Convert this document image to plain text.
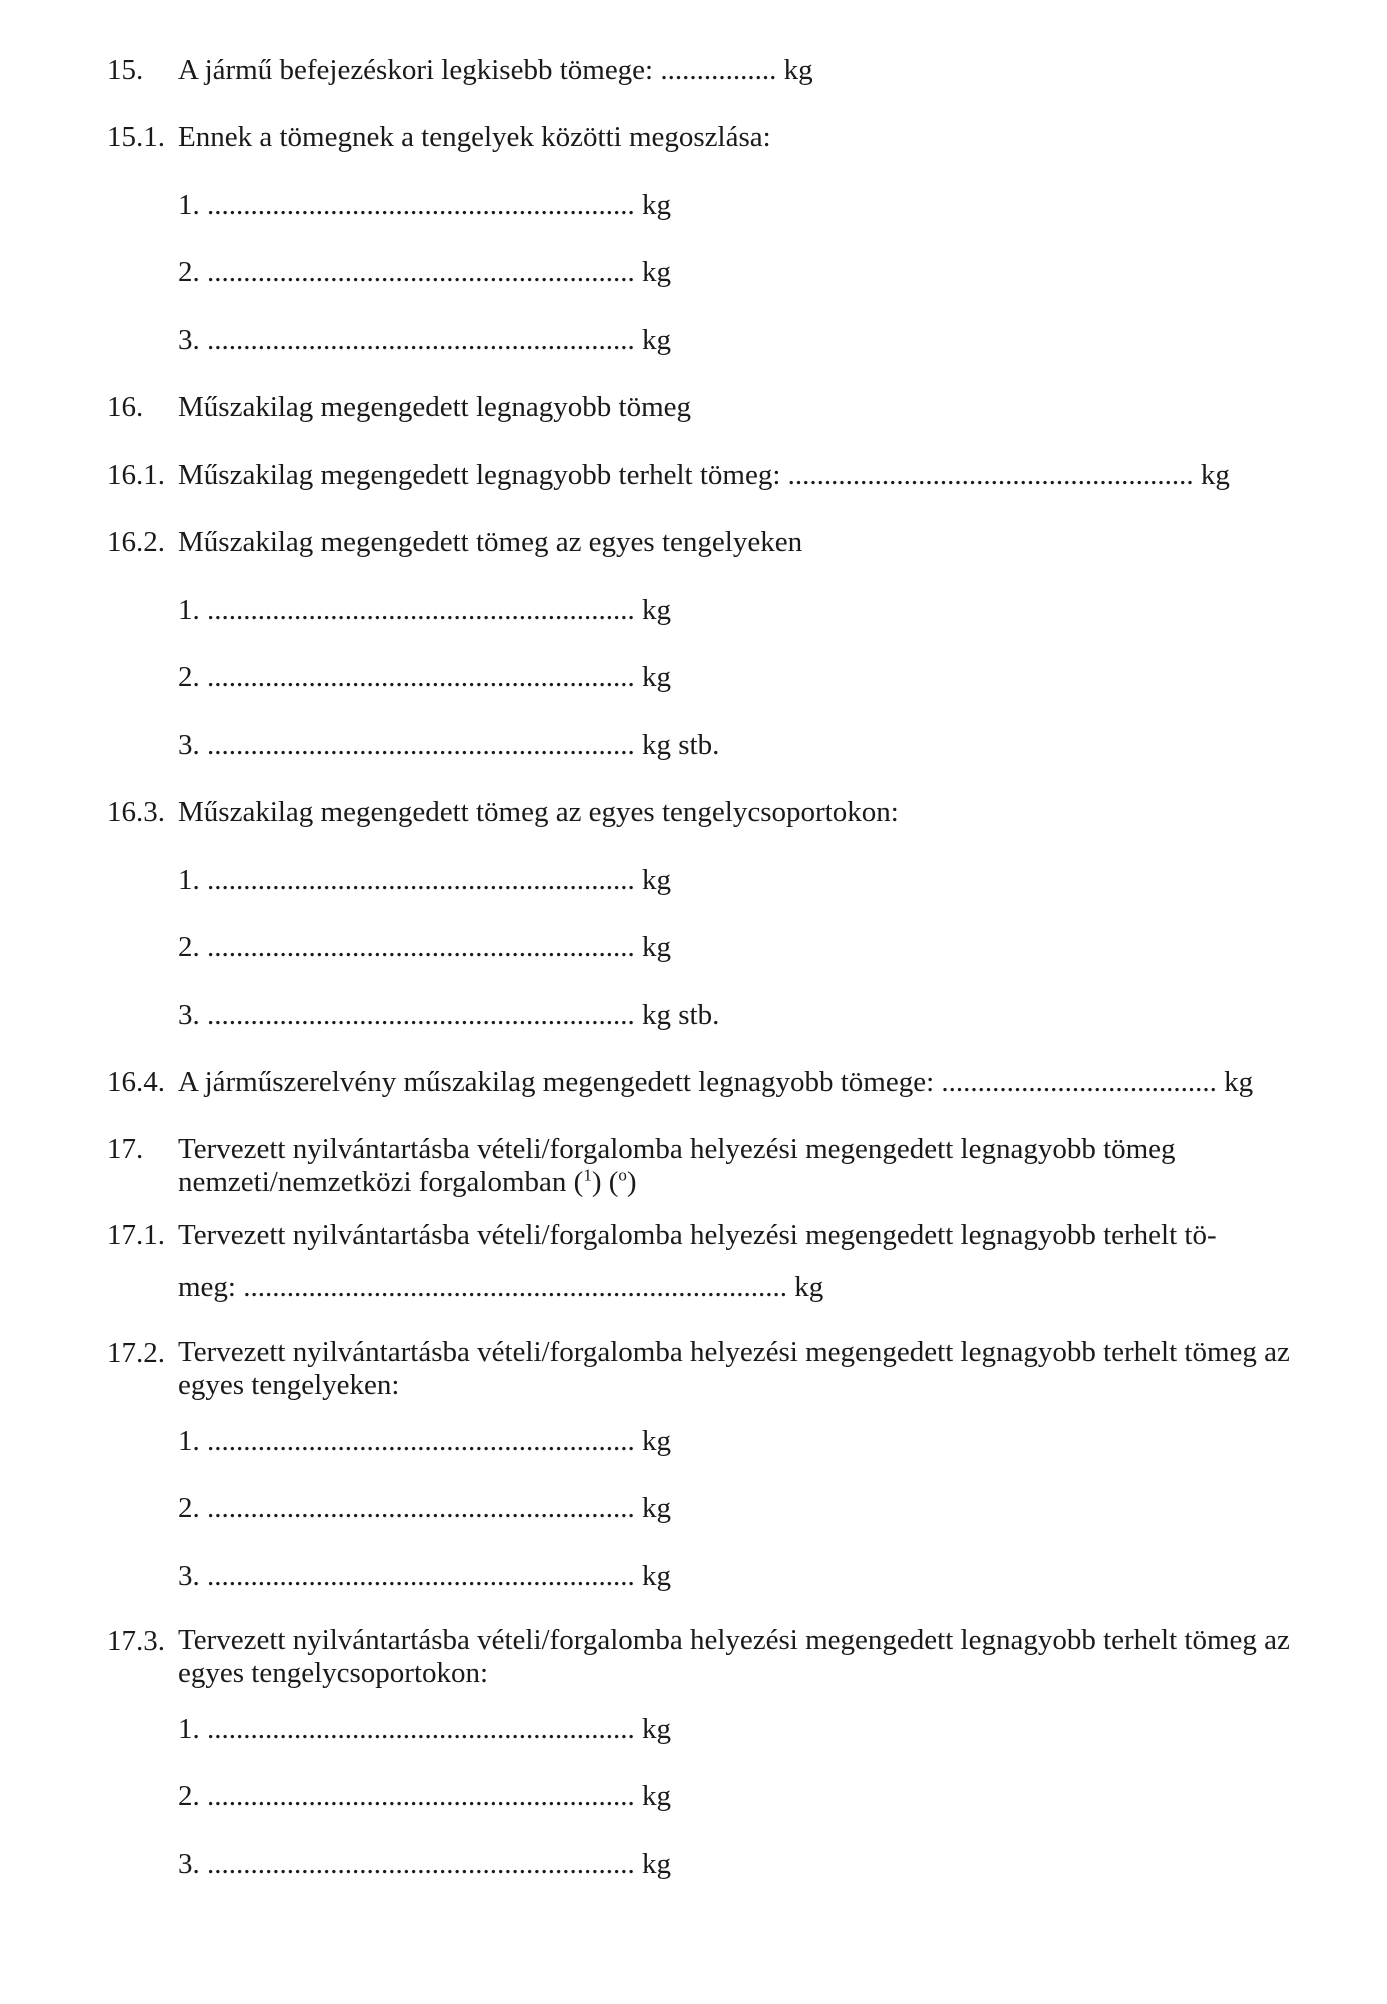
15. A jármű befejezéskori legkisebb tömege: ................ kg
15.1. Ennek a tömegnek a tengelyek közötti megoszlása:
1. ........................................................... kg
2. ........................................................... kg
3. ........................................................... kg
16. Műszakilag megengedett legnagyobb tömeg
16.1. Műszakilag megengedett legnagyobb terhelt tömeg: ........................................................ kg
16.2. Műszakilag megengedett tömeg az egyes tengelyeken
1. ........................................................... kg
2. ........................................................... kg
3. ........................................................... kg stb.
16.3. Műszakilag megengedett tömeg az egyes tengelycsoportokon:
1. ........................................................... kg
2. ........................................................... kg
3. ........................................................... kg stb.
16.4. A járműszerelvény műszakilag megengedett legnagyobb tömege: ...................................... kg
17. Tervezett nyilvántartásba vételi/forgalomba helyezési megengedett legnagyobb tömeg
nemzeti/nemzetközi forgalomban ($^1$) ($^o$)
17.1. Tervezett nyilvántartásba vételi/forgalomba helyezési megengedett legnagyobb terhelt tö-
meg: ........................................................................... kg
17.2. Tervezett nyilvántartásba vételi/forgalomba helyezési megengedett legnagyobb terhelt tömeg az egyes tengelyeken:
1. ........................................................... kg
2. ........................................................... kg
3. ........................................................... kg
17.3. Tervezett nyilvántartásba vételi/forgalomba helyezési megengedett legnagyobb terhelt tömeg az egyes tengelycsoportokon:
1. ........................................................... kg
2. ........................................................... kg
3. ........................................................... kg
